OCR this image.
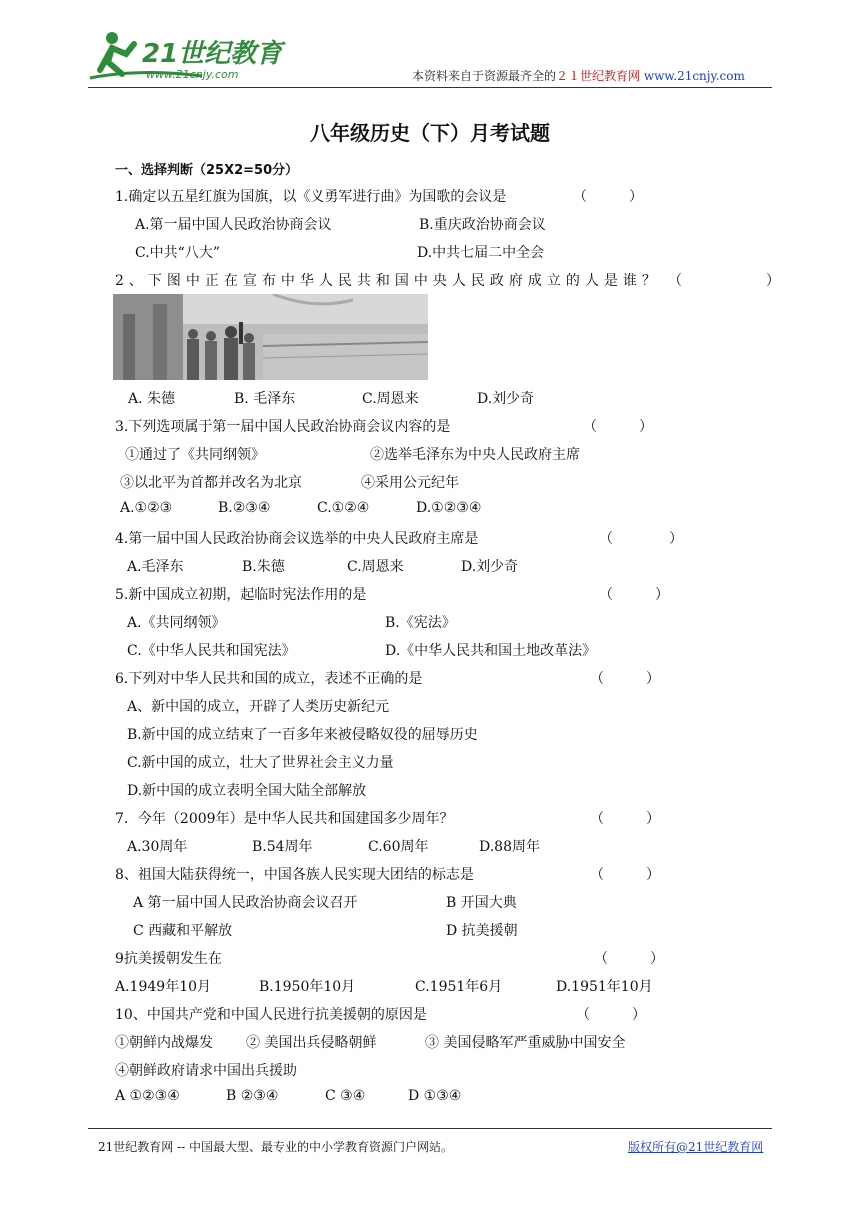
21世纪教育
www.21cnjy.com	本资料来自于资源最齐全的２１世纪教育网 www.21cnjy.com
八年级历史（下）月考试题
一、选择判断（25X2=50分）
1.确定以五星红旗为国旗，以《义勇军进行曲》为国歌的会议是	（　　　）
A.第一届中国人民政治协商会议	B.重庆政治协商会议
C.中共“八大”	D.中共七届二中全会
2、下图中正在宣布中华人民共和国中央人民政府成立的人是谁？ （　　　　　　）
A. 朱德	B. 毛泽东	C.周恩来	D.刘少奇
3.下列选项属于第一届中国人民政治协商会议内容的是	（　　　）
①通过了《共同纲领》	②选举毛泽东为中央人民政府主席
③以北平为首都并改名为北京	④采用公元纪年
A.①②③	B.②③④	C.①②④	D.①②③④
4.第一届中国人民政治协商会议选举的中央人民政府主席是	（　　　　）
A.毛泽东	B.朱德	C.周恩来	D.刘少奇
5.新中国成立初期，起临时宪法作用的是	（　　　）
A.《共同纲领》	B.《宪法》
C.《中华人民共和国宪法》	D.《中华人民共和国土地改革法》
6.下列对中华人民共和国的成立，表述不正确的是	（　　　）
A、新中国的成立，开辟了人类历史新纪元
B.新中国的成立结束了一百多年来被侵略奴役的屈辱历史
C.新中国的成立，壮大了世界社会主义力量
D.新中国的成立表明全国大陆全部解放
7．今年（2009年）是中华人民共和国建国多少周年？	（　　　）
A.30周年	B.54周年	C.60周年	D.88周年
8、祖国大陆获得统一，中国各族人民实现大团结的标志是	（　　　）
A 第一届中国人民政治协商会议召开	B 开国大典
C 西藏和平解放	D 抗美援朝
9抗美援朝发生在	（　　　）
A.1949年10月	B.1950年10月	C.1951年6月	D.1951年10月
10、中国共产党和中国人民进行抗美援朝的原因是	（　　　）
①朝鲜内战爆发 ② 美国出兵侵略朝鲜	③ 美国侵略军严重威胁中国安全
④朝鲜政府请求中国出兵援助
A ①②③④	B ②③④	C ③④	D ①③④
21世纪教育网 -- 中国最大型、最专业的中小学教育资源门户网站。	版权所有@21世纪教育网
